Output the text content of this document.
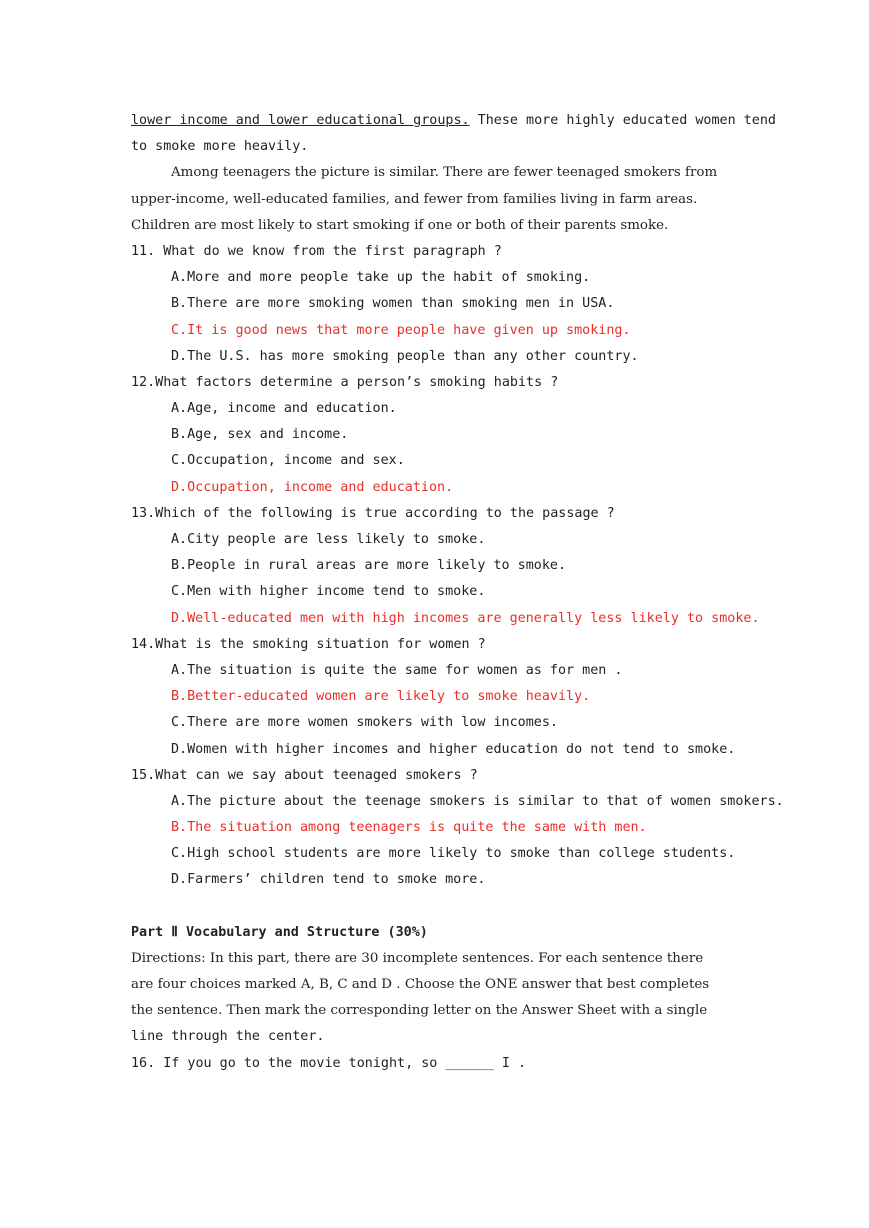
lower income and lower educational groups. These more highly educated women tend
to smoke more heavily.
Among teenagers the picture is similar. There are fewer teenaged smokers from
upper-income, well-educated families, and fewer from families living in farm areas.
Children are most likely to start smoking if one or both of their parents smoke.
11. What do we know from the first paragraph ?
A.More and more people take up the habit of smoking.
B.There are more smoking women than smoking men in USA.
C.It is good news that more people have given up smoking.
D.The U.S. has more smoking people than any other country.
12.What factors determine a person’s smoking habits ?
A.Age, income and education.
B.Age, sex and income.
C.Occupation, income and sex.
D.Occupation, income and education.
13.Which of the following is true according to the passage ?
A.City people are less likely to smoke.
B.People in rural areas are more likely to smoke.
C.Men with higher income tend to smoke.
D.Well-educated men with high incomes are generally less likely to smoke.
14.What is the smoking situation for women ?
A.The situation is quite the same for women as for men .
B.Better-educated women are likely to smoke heavily.
C.There are more women smokers with low incomes.
D.Women with higher incomes and higher education do not tend to smoke.
15.What can we say about teenaged smokers ?
A.The picture about the teenage smokers is similar to that of women smokers.
B.The situation among teenagers is quite the same with men.
C.High school students are more likely to smoke than college students.
D.Farmers’ children tend to smoke more.
Part Ⅱ Vocabulary and Structure (30%)
Directions: In this part, there are 30 incomplete sentences. For each sentence there
are four choices marked A, B, C and D . Choose the ONE answer that best completes
the sentence. Then mark the corresponding letter on the Answer Sheet with a single
line through the center.
16. If you go to the movie tonight, so ______ I .
